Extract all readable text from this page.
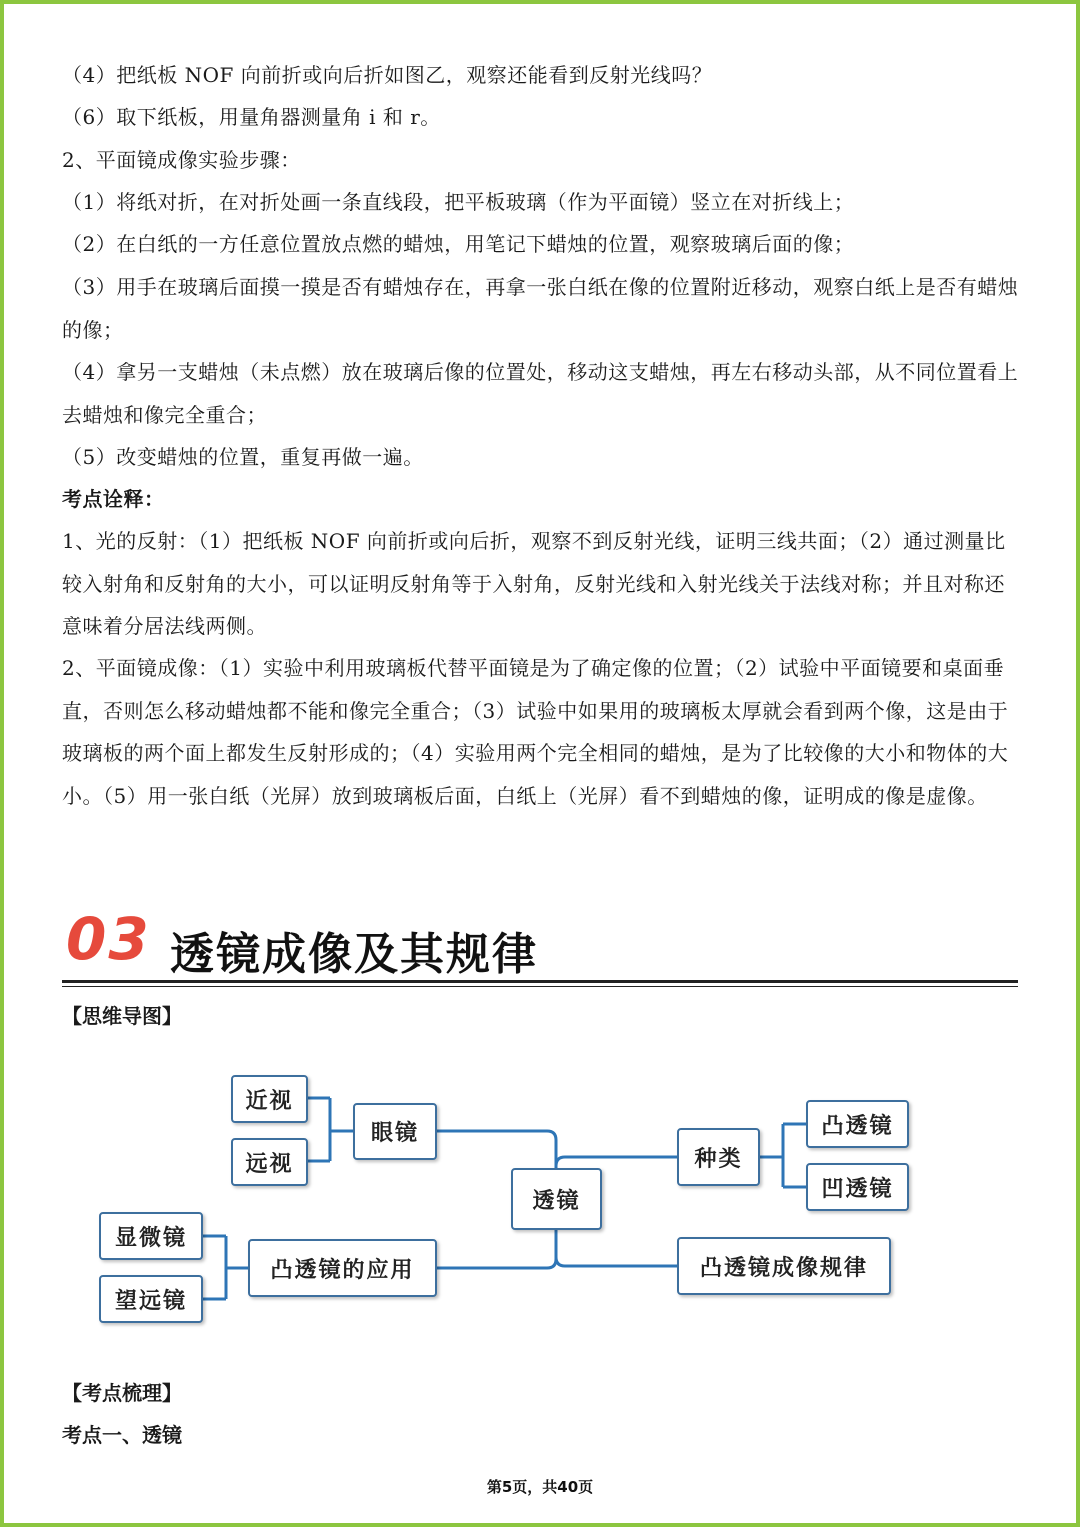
（4）把纸板 NOF 向前折或向后折如图乙，观察还能看到反射光线吗？
（6）取下纸板，用量角器测量角 i 和 r。
2、平面镜成像实验步骤：
（1）将纸对折，在对折处画一条直线段，把平板玻璃（作为平面镜）竖立在对折线上；
（2）在白纸的一方任意位置放点燃的蜡烛，用笔记下蜡烛的位置，观察玻璃后面的像；
（3）用手在玻璃后面摸一摸是否有蜡烛存在，再拿一张白纸在像的位置附近移动，观察白纸上是否有蜡烛的像；
（4）拿另一支蜡烛（未点燃）放在玻璃后像的位置处，移动这支蜡烛，再左右移动头部，从不同位置看上去蜡烛和像完全重合；
（5）改变蜡烛的位置，重复再做一遍。
考点诠释：
1、光的反射：（1）把纸板 NOF 向前折或向后折，观察不到反射光线，证明三线共面；（2）通过测量比较入射角和反射角的大小，可以证明反射角等于入射角，反射光线和入射光线关于法线对称；并且对称还意味着分居法线两侧。
2、平面镜成像：（1）实验中利用玻璃板代替平面镜是为了确定像的位置；（2）试验中平面镜要和桌面垂直，否则怎么移动蜡烛都不能和像完全重合；（3）试验中如果用的玻璃板太厚就会看到两个像，这是由于玻璃板的两个面上都发生反射形成的；（4）实验用两个完全相同的蜡烛，是为了比较像的大小和物体的大小。（5）用一张白纸（光屏）放到玻璃板后面，白纸上（光屏）看不到蜡烛的像，证明成的像是虚像。
03 透镜成像及其规律
【思维导图】
近视
远视
眼镜
透镜
种类
凸透镜
凹透镜
显微镜
望远镜
凸透镜的应用	凸透镜成像规律
【考点梳理】
考点一、透镜
第5页，共40页
